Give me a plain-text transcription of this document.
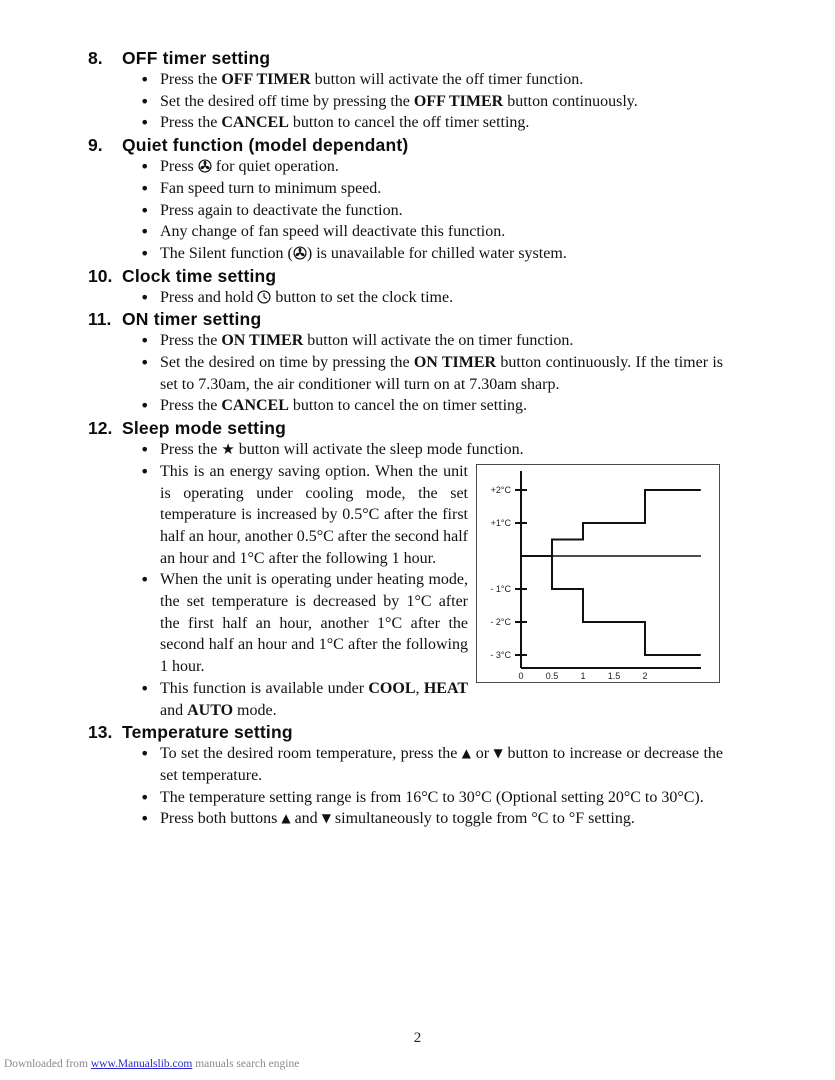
8.	OFF timer setting
• Press the OFF TIMER button will activate the off timer function.
• Set the desired off time by pressing the OFF TIMER button continuously.
• Press the CANCEL button to cancel the off timer setting.
9.	Quiet function (model dependant)
• Press  for quiet operation.
• Fan speed turn to minimum speed.
• Press again to deactivate the function.
• Any change of fan speed will deactivate this function.
• The Silent function ( ) is unavailable for chilled water system.
10. Clock time setting
• Press and hold  button to set the clock time.
11. ON timer setting
• Press the ON TIMER button will activate the on timer function.
• Set the desired on time by pressing the ON TIMER button continuously. If the timer is set to 7.30am, the air conditioner will turn on at 7.30am sharp.
• Press the CANCEL button to cancel the on timer setting.
12. Sleep mode setting
• Press the ★ button will activate the sleep mode function.
• This is an energy saving option. When the unit is operating under cooling mode, the set temperature is increased by 0.5°C after the first half an hour, another 0.5°C after the second half an hour and 1°C after the following 1 hour.
• When the unit is operating under heating mode, the set temperature is decreased by 1°C after the first half an hour, another 1°C after the second half an hour and 1°C after the following 1 hour.
• This function is available under COOL, HEAT and AUTO mode.
+2°C
+1°C
- 1°C
- 2°C
- 3°C
0 0.5 1 1.5 2
13. Temperature setting
• To set the desired room temperature, press the ▲ or ▼ button to increase or decrease the set temperature.
• The temperature setting range is from 16°C to 30°C (Optional setting 20°C to 30°C).
• Press both buttons ▲ and ▼ simultaneously to toggle from °C to °F setting.
2
Downloaded from www.Manualslib.com manuals search engine
